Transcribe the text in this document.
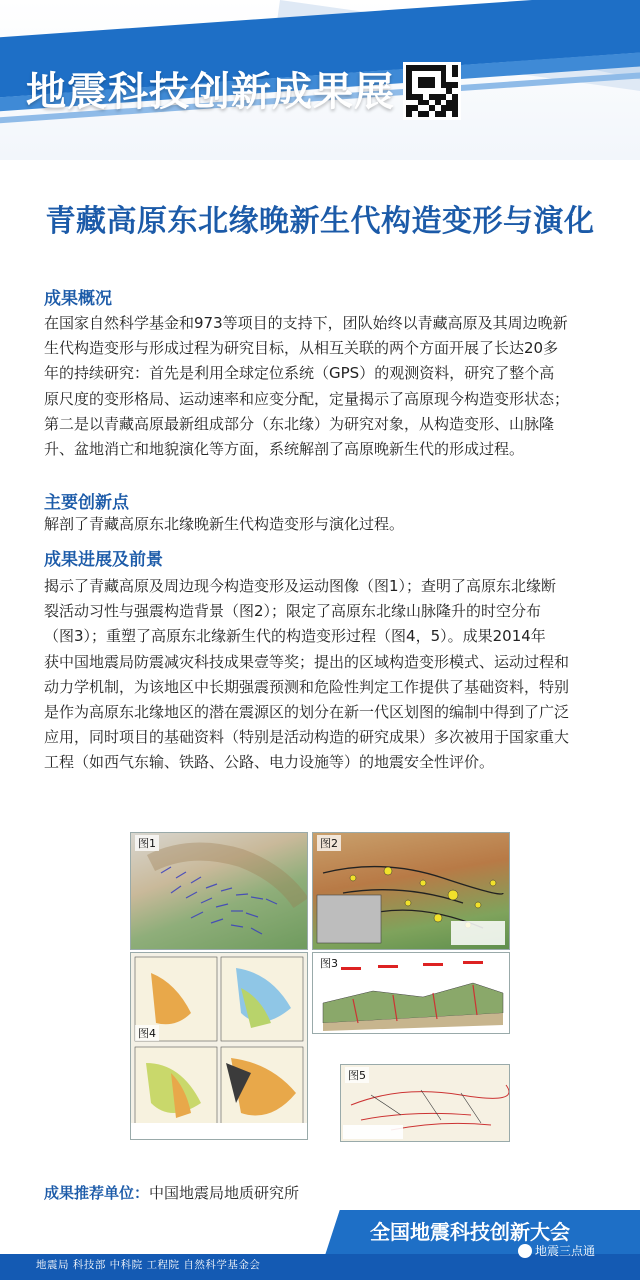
地震科技创新成果展
青藏高原东北缘晚新生代构造变形与演化
成果概况
在国家自然科学基金和973等项目的支持下，团队始终以青藏高原及其周边晚新
生代构造变形与形成过程为研究目标，从相互关联的两个方面开展了长达20多
年的持续研究：首先是利用全球定位系统（GPS）的观测资料，研究了整个高
原尺度的变形格局、运动速率和应变分配，定量揭示了高原现今构造变形状态；
第二是以青藏高原最新组成部分（东北缘）为研究对象，从构造变形、山脉隆
升、盆地消亡和地貌演化等方面，系统解剖了高原晚新生代的形成过程。
主要创新点
解剖了青藏高原东北缘晚新生代构造变形与演化过程。
成果进展及前景
揭示了青藏高原及周边现今构造变形及运动图像（图1）；查明了高原东北缘断
裂活动习性与强震构造背景（图2）；限定了高原东北缘山脉隆升的时空分布
（图3）；重塑了高原东北缘新生代的构造变形过程（图4，5）。成果2014年
获中国地震局防震减灾科技成果壹等奖；提出的区域构造变形模式、运动过程和
动力学机制，为该地区中长期强震预测和危险性判定工作提供了基础资料，特别
是作为高原东北缘地区的潜在震源区的划分在新一代区划图的编制中得到了广泛
应用，同时项目的基础资料（特别是活动构造的研究成果）多次被用于国家重大
工程（如西气东输、铁路、公路、电力设施等）的地震安全性评价。
图1	图2
图4
图3
图5
成果推荐单位：中国地震局地质研究所
全国地震科技创新大会
地震局 科技部 中科院 工程院 自然科学基金会
地震三点通
